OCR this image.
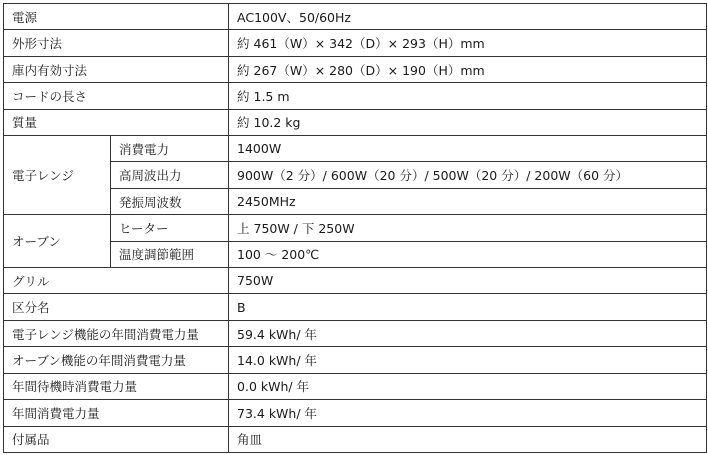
電源		AC100V、50/60Hz
外形寸法		約 461（W）× 342（D）× 293（H）mm
庫内有効寸法		約 267（W）× 280（D）× 190（H）mm
コードの長さ		約 1.5 m
質量		約 10.2 kg
電子レンジ	消費電力	1400W
	高周波出力	900W（2 分）/ 600W（20 分）/ 500W（20 分）/ 200W（60 分）
	発振周波数	2450MHz
オーブン	ヒーター	上 750W / 下 250W
	温度調節範囲	100 〜 200℃
グリル		750W
区分名		B
電子レンジ機能の年間消費電力量		59.4 kWh/ 年
オーブン機能の年間消費電力量		14.0 kWh/ 年
年間待機時消費電力量		0.0 kWh/ 年
年間消費電力量		73.4 kWh/ 年
付属品		角皿
